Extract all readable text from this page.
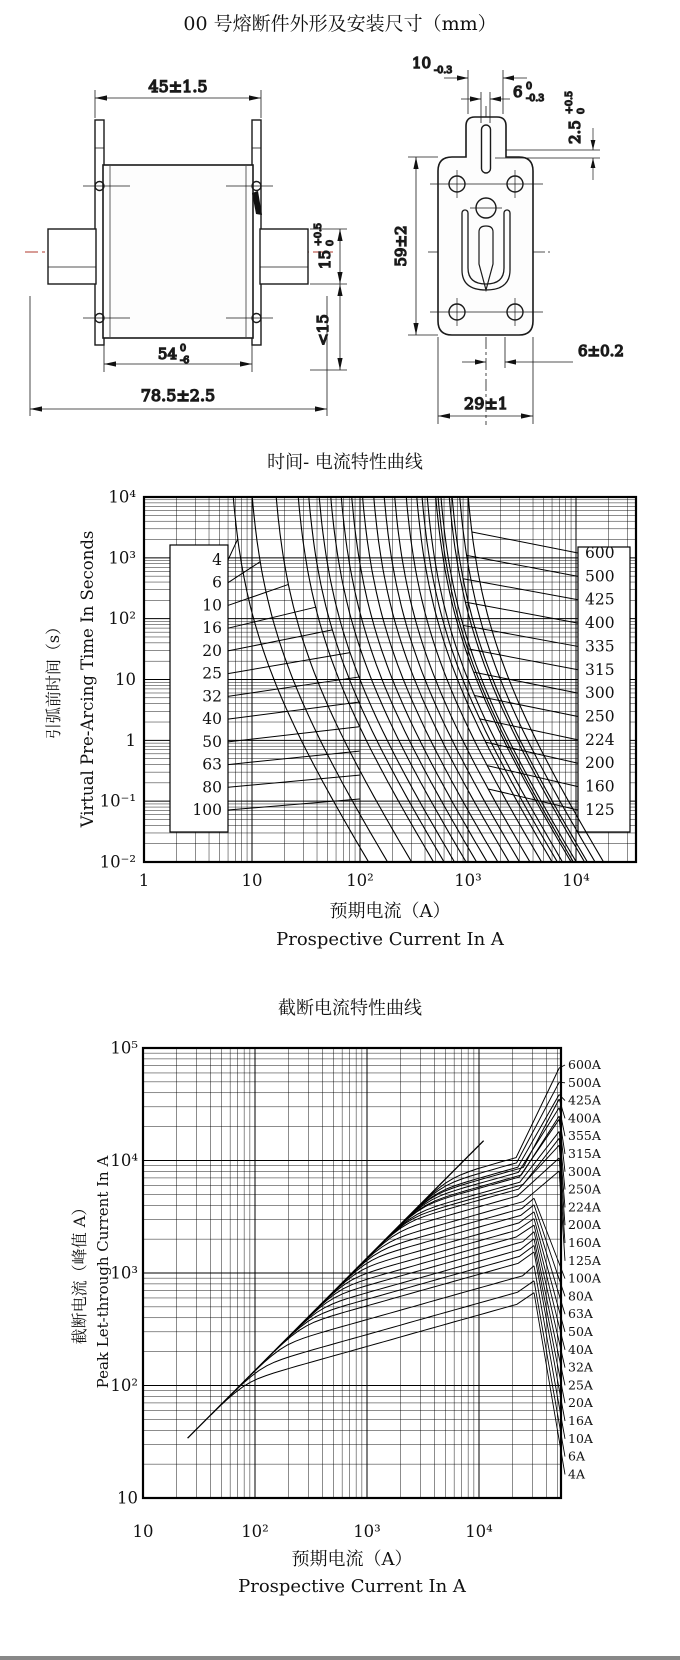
00 号熔断件外形及安装尺寸（mm）
45±1.5
54 0
-6
78.5±2.5
15
+0.5 0
<15
10 -0.3
6 0
-0.3
2.5
+0.5 0
59±2
6±0.2
29±1
时间- 电流特性曲线
1	10	10²	10³	10⁴
10⁴
10³
10²
10
1
10⁻¹
10⁻²
4
6
10
16
20
25
32
40
50
63
80
100
600
500
425
400
335
315
300
250
224
200
160
125
预期电流（A）
Prospective Current In A
引弧前时间（s） Virtual Pre-Arcing Time In Seconds
截断电流特性曲线
10	10²	10³	10⁴
10⁵
10⁴
10³
10²
10
600A
500A
425A
400A
355A
315A
300A
250A
224A
200A
160A
125A
100A
80A
63A
50A
40A
32A
25A
20A
16A
10A
6A
4A
预期电流（A）
Prospective Current In A
截断电流（峰值 A） Peak Let-through Current In A
